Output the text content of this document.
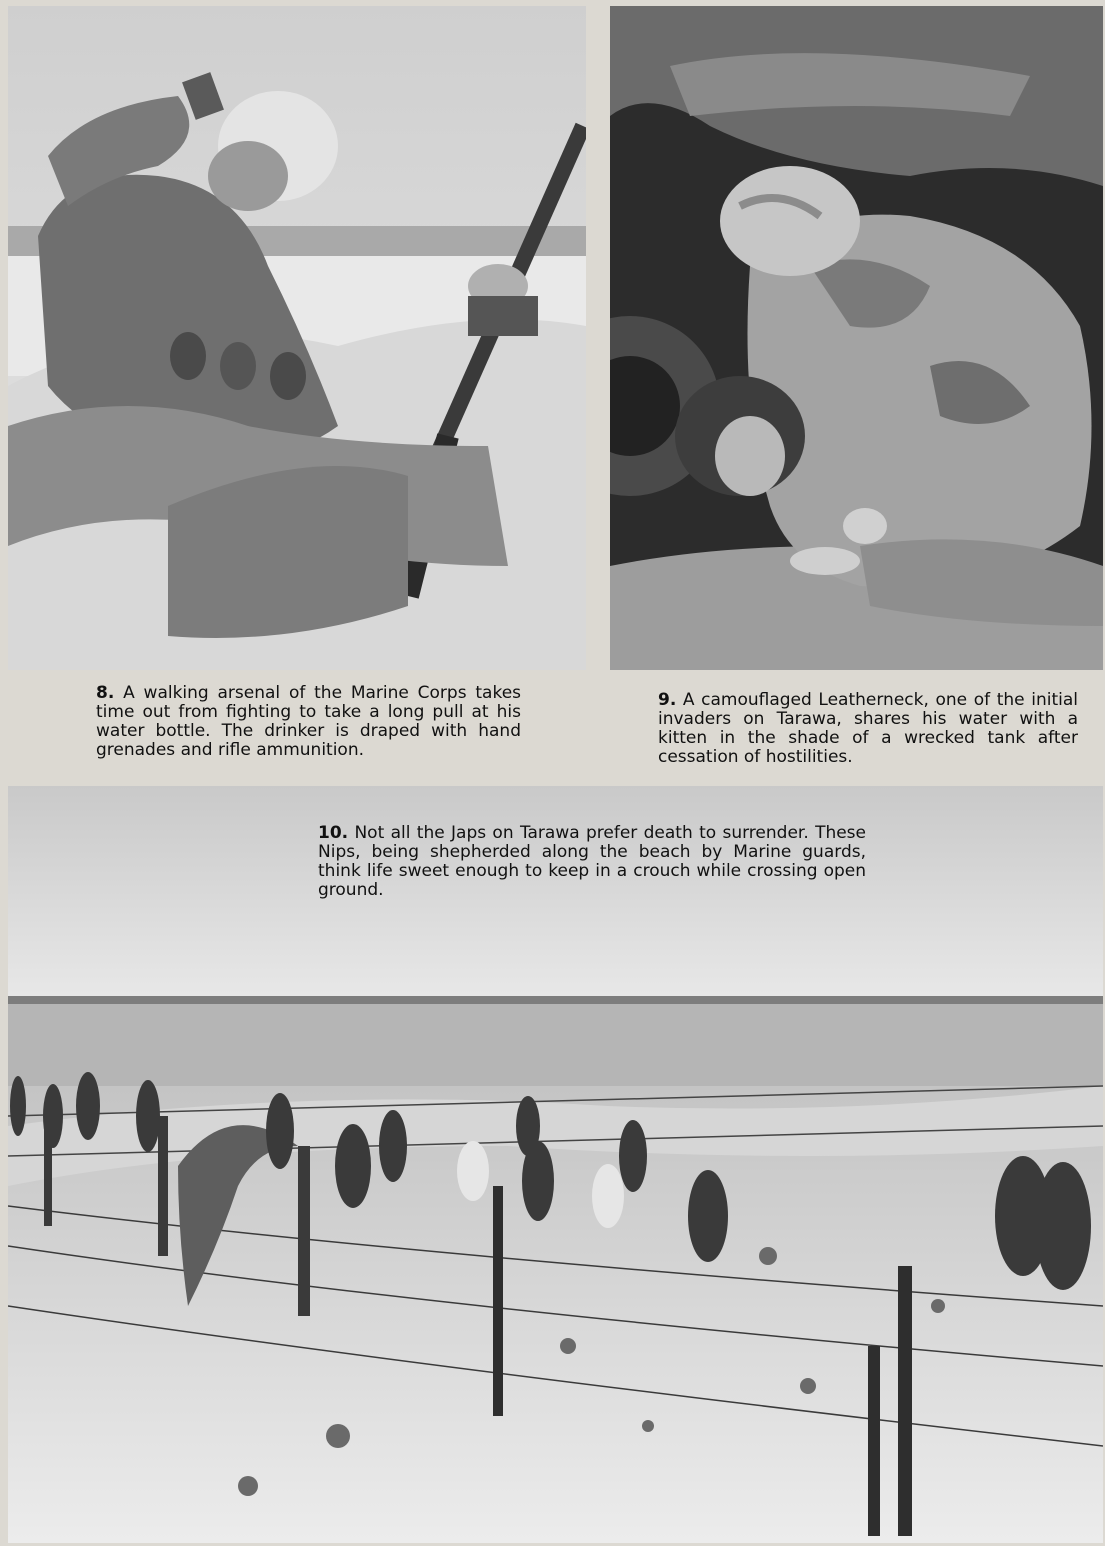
8. A walking arsenal of the Marine Corps takes time out from fighting to take a long pull at his water bottle. The drinker is draped with hand grenades and rifle ammunition.
9. A camouflaged Leatherneck, one of the initial invaders on Tarawa, shares his water with a kitten in the shade of a wrecked tank after cessation of hostilities.
10. Not all the Japs on Tarawa prefer death to surrender. These Nips, being shepherded along the beach by Marine guards, think life sweet enough to keep in a crouch while crossing open ground.
